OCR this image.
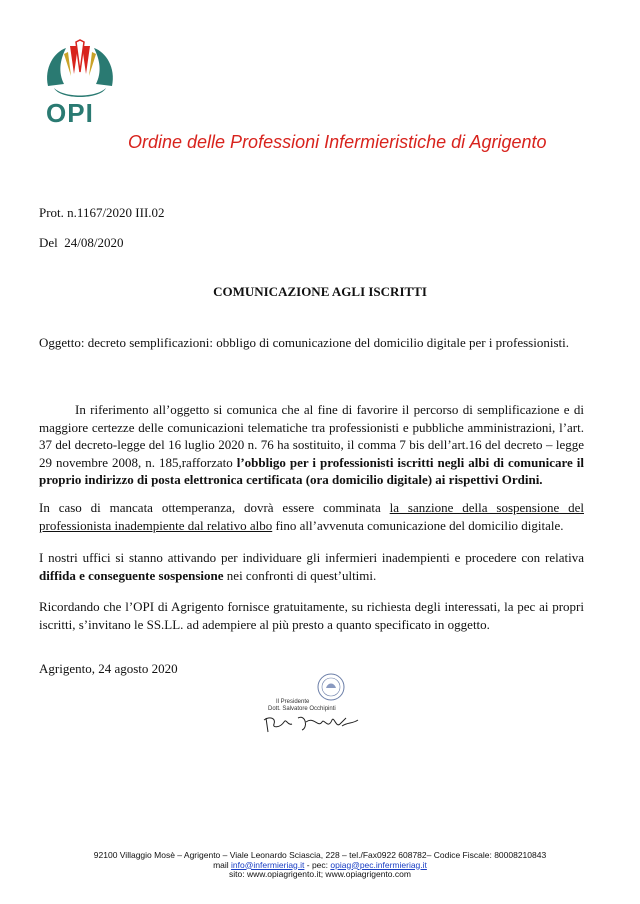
OPI
Ordine delle Professioni Infermieristiche di Agrigento
Prot. n.1167/2020 III.02
Del  24/08/2020
COMUNICAZIONE AGLI ISCRITTI
Oggetto: decreto semplificazioni: obbligo di comunicazione del domicilio digitale per i professionisti.
In riferimento all’oggetto si comunica che al fine di favorire il percorso di semplificazione e di maggiore certezze delle comunicazioni telematiche tra professionisti e pubbliche amministrazioni, l’art. 37 del decreto-legge del 16 luglio 2020 n. 76 ha sostituito, il comma 7 bis dell’art.16 del decreto – legge 29 novembre 2008, n. 185,rafforzato l’obbligo per i professionisti iscritti negli albi di comunicare il proprio indirizzo di posta elettronica certificata (ora domicilio digitale) ai rispettivi Ordini.
In caso di mancata ottemperanza, dovrà essere comminata la sanzione della sospensione del professionista inadempiente dal relativo albo fino all’avvenuta comunicazione del domicilio digitale.
I nostri uffici si stanno attivando per individuare gli infermieri inadempienti e procedere con relativa diffida e conseguente sospensione nei confronti di quest’ultimi.
Ricordando che l’OPI di Agrigento fornisce gratuitamente, su richiesta degli interessati, la pec ai propri iscritti, s’invitano le SS.LL. ad adempiere al più presto a quanto specificato in oggetto.
Agrigento, 24 agosto 2020
Il Presidente
Dott. Salvatore Occhipinti
92100 Villaggio Mosè – Agrigento – Viale Leonardo Sciascia, 228 – tel./Fax0922 608782– Codice Fiscale: 80008210843
mail info@infermieriag.it - pec: opiag@pec.infermieriag.it
sito: www.opiagrigento.it; www.opiagrigento.com
